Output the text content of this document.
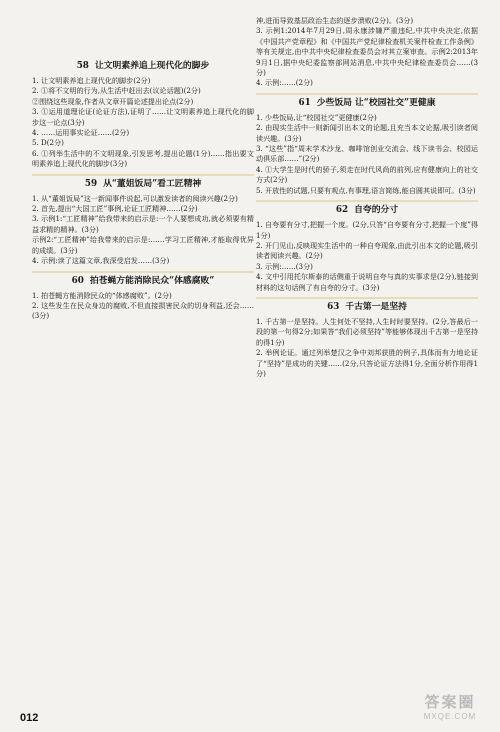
58 让文明素养追上现代化的脚步

1. 让文明素养追上现代化的脚步(2分)

2. ①将不文明的行为,从生活中赶出去(议论话题)(2分)

②围绕这些现象,作者从文章开篇论述提出论点(2分)

3. ①运用道理论证(论证方法),证明了……让文明素养追上现代化的脚步这一论点(3分)

4. ……运用事实论证……(2分)

5. D(2分)

6. ①列举生活中的不文明现象,引发思考,提出论题(1分)……指出要文明素养追上现代化的脚步(3分)

59 从“董姐饭局”看工匠精神

1. 从“董姐饭局”这一新闻事件说起,可以激发读者的阅读兴趣(2分)

2. 首先,提出“大国工匠”事例,论证工匠精神……(2分)

3. 示例1:“工匠精神”给我带来的启示是:一个人要想成功,就必须要有精益求精的精神。(3分)

示例2:“工匠精神”给我带来的启示是:……学习工匠精神,才能取得优异的成绩。(3分)

4. 示例:读了这篇文章,我深受启发……(3分)

60 拍苍蝇方能消除民众“体感腐败”

1. 拍苍蝇方能消除民众的“体感腐败”。(2分)

2. 这些发生在民众身边的腐败,不但直接损害民众的切身利益,还会……(3分)

神,进而导致基层政治生态的逐步溃败(2分)。(3分)

3. 示例1:2014年7月29日,周永康涉嫌严重违纪,中共中央决定,依据《中国共产党章程》和《中国共产党纪律检查机关案件检查工作条例》等有关规定,由中共中央纪律检查委员会对其立案审查。示例2:2013年9月1日,据中央纪委监察部网站消息,中共中央纪律检查委员会……(3分)

4. 示例:……(2分)

61 少些饭局 让“校园社交”更健康

1. 少些饭局,让“校园社交”更健康(2分)

2. 由现实生活中一则新闻引出本文的论题,且充当本文论据,吸引读者阅读兴趣。(3分)

3. “这些”指“周末学术沙龙、咖啡馆创业交流会、线下读书会、校园运动俱乐部……”(2分)

4. ①大学生是时代的骄子,须走在时代风尚的前列,应有健康向上的社交方式(2分)

5. 开放性的试题,只要有观点,有事理,语言简练,能自圆其说即可。(3分)

62 自夸的分寸

1. 自夸要有分寸,把握一个度。(2分,只答“自夸要有分寸,把握一个度”得1分)

2. 开门见山,反映现实生活中的一种自夸现象,由此引出本文的论题,吸引读者阅读兴趣。(2分)

3. 示例:……(3分)

4. 文中引用托尔斯泰的话侧重于说明自夸与真的实事求是(2分),链接到材料的这句话例了有自夸的分寸。(3分)

63 千古第一是坚持

1. 千古第一是坚持。人生何处不坚持,人生时时要坚持。(2分,答最后一段的第一句得2分;如果答“我们必须坚持”等能够体现出千古第一是坚持的得1分)

2. 举例论证。通过列举楚汉之争中刘邦获胜的例子,具体而有力地论证了“坚持”是成功的关键……(2分,只答论证方法得1分,全面分析作用得1分)

012
答案圈
MXQE.COM
